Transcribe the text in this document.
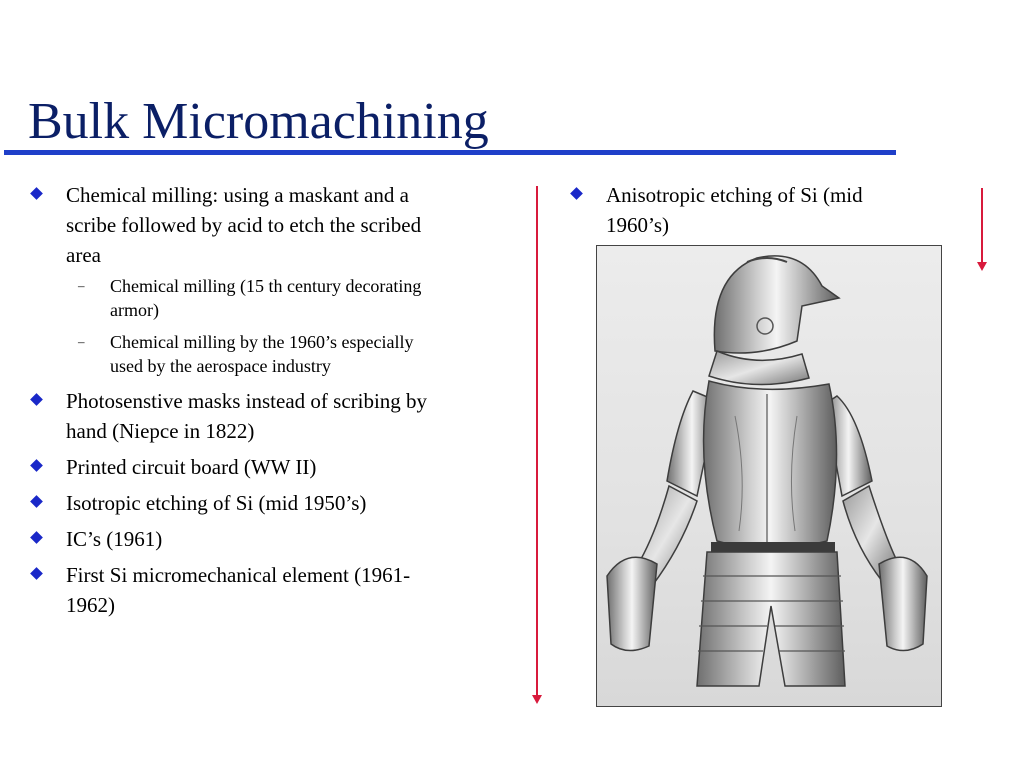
Bulk Micromachining
Chemical milling: using a maskant and a scribe followed by acid to etch the scribed area
– Chemical milling (15 th century decorating armor)
– Chemical milling by the 1960’s especially used by the aerospace industry
Photosenstive masks instead of scribing by hand (Niepce in 1822)
Printed circuit board (WW II)
Isotropic etching of Si (mid 1950’s)
IC’s (1961)
First Si micromechanical element (1961-1962)
Anisotropic etching of Si (mid 1960’s)
